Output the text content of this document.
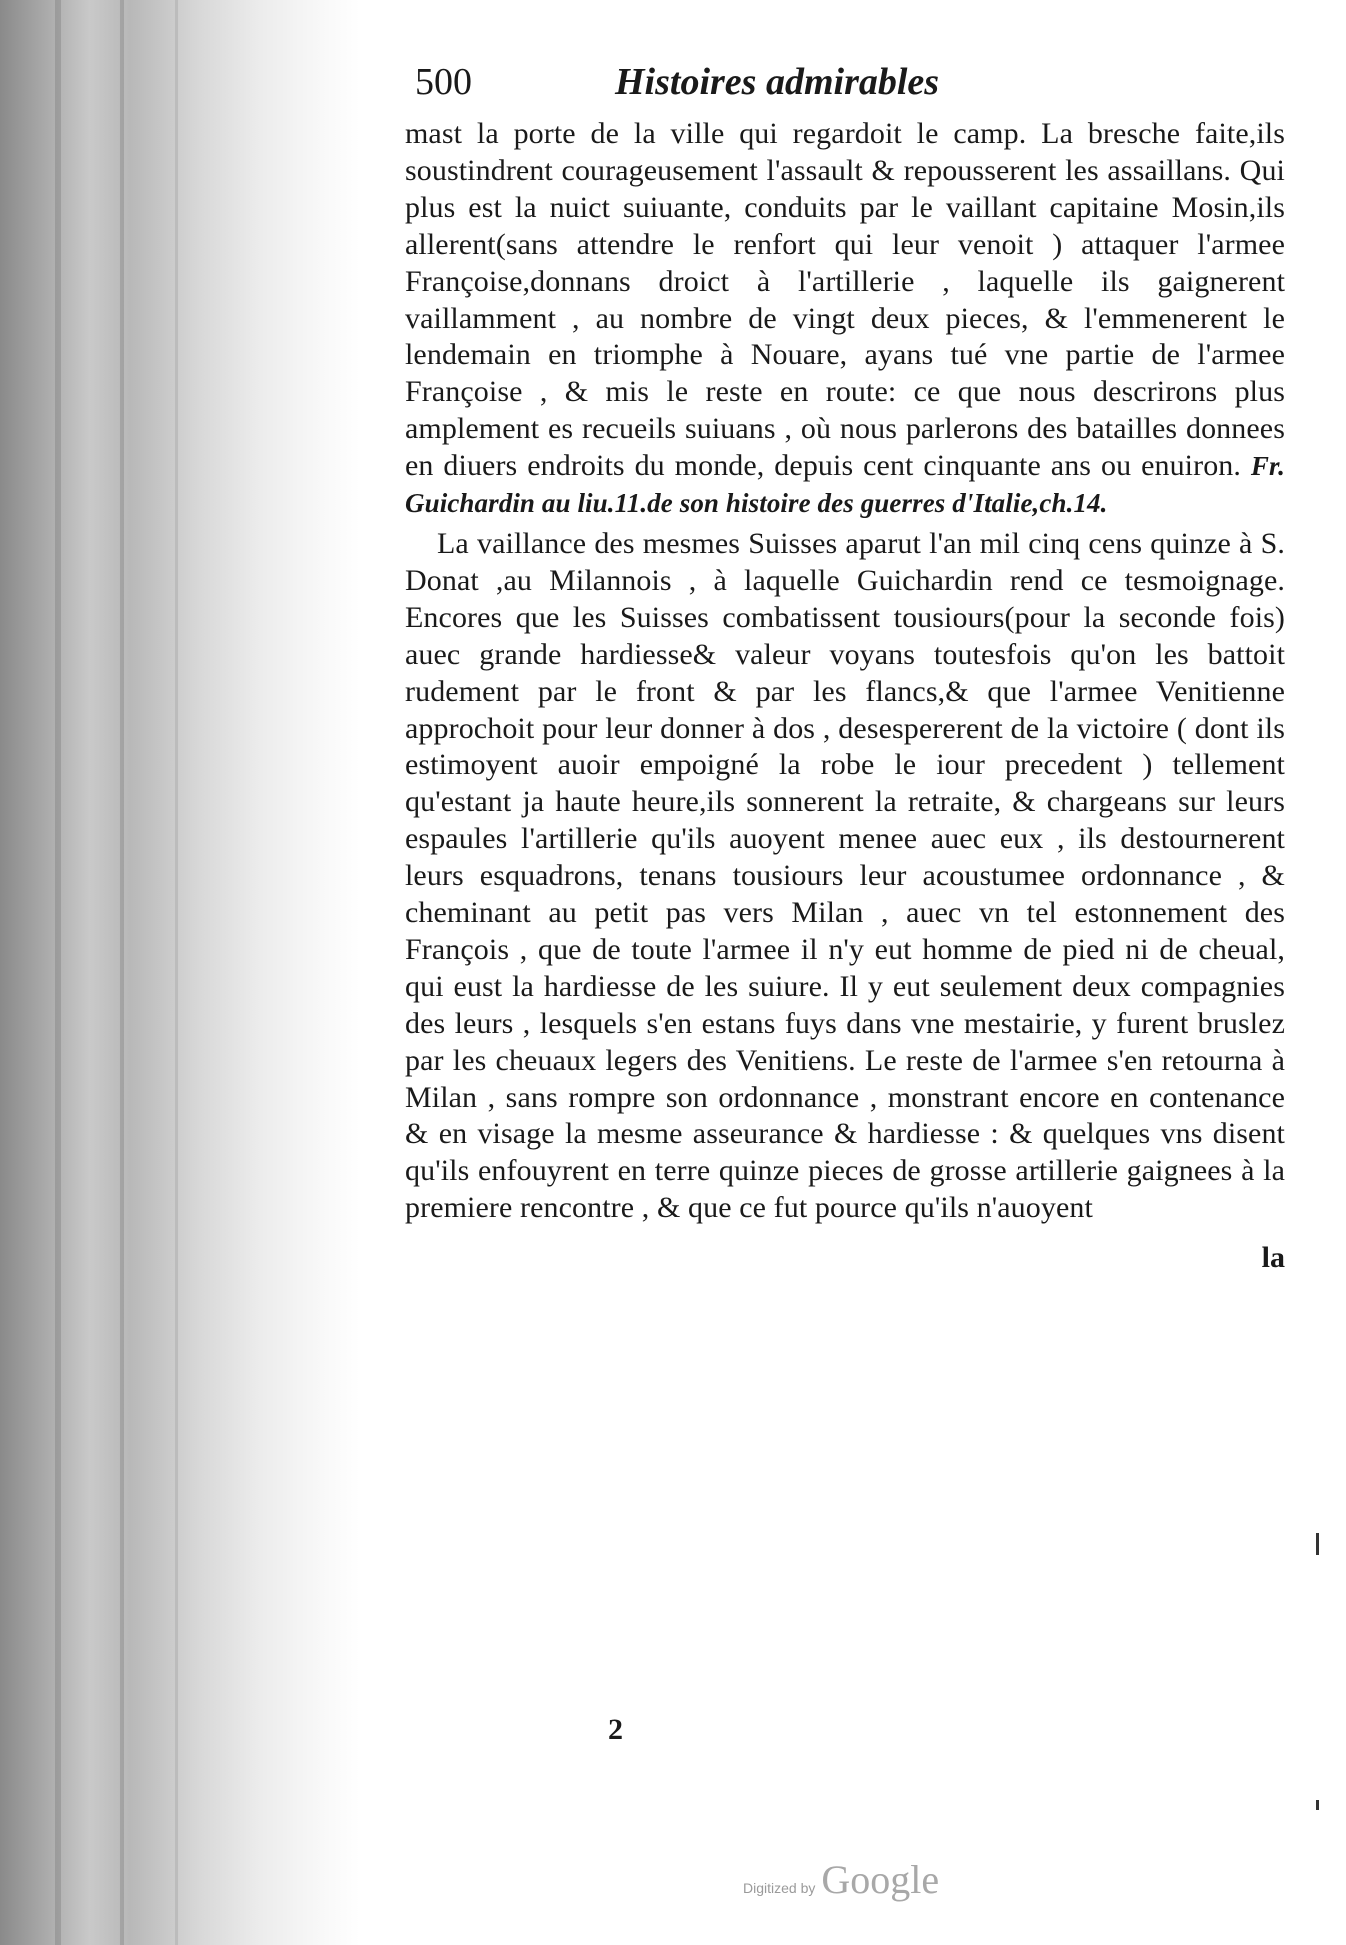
500	Histoires admirables

mast la porte de la ville qui regardoit le camp. La bresche faite,ils soustindrent courageusement l'assault & repousserent les assaillans. Qui plus est la nuict suiuante, conduits par le vaillant capitaine Mosin,ils allerent(sans attendre le renfort qui leur venoit ) attaquer l'armee Françoise,donnans droict à l'artillerie , laquelle ils gaignerent vaillamment , au nombre de vingt deux pieces, & l'emmenerent le lendemain en triomphe à Nouare, ayans tué vne partie de l'armee Françoise , & mis le reste en route: ce que nous descrirons plus amplement es recueils suiuans , où nous parlerons des batailles donnees en diuers endroits du monde, depuis cent cinquante ans ou enuiron. Fr. Guichardin au liu.11.de son histoire des guerres d'Italie,ch.14.

La vaillance des mesmes Suisses aparut l'an mil cinq cens quinze à S. Donat ,au Milannois , à laquelle Guichardin rend ce tesmoignage. Encores que les Suisses combatissent tousiours(pour la seconde fois) auec grande hardiesse& valeur voyans toutesfois qu'on les battoit rudement par le front & par les flancs,& que l'armee Venitienne approchoit pour leur donner à dos , desespererent de la victoire ( dont ils estimoyent auoir empoigné la robe le iour precedent ) tellement qu'estant ja haute heure,ils sonnerent la retraite, & chargeans sur leurs espaules l'artillerie qu'ils auoyent menee auec eux , ils destournerent leurs esquadrons, tenans tousiours leur acoustumee ordonnance , & cheminant au petit pas vers Milan , auec vn tel estonnement des François , que de toute l'armee il n'y eut homme de pied ni de cheual, qui eust la hardiesse de les suiure. Il y eut seulement deux compagnies des leurs , lesquels s'en estans fuys dans vne mestairie, y furent bruslez par les cheuaux legers des Venitiens. Le reste de l'armee s'en retourna à Milan , sans rompre son ordonnance , monstrant encore en contenance & en visage la mesme asseurance & hardiesse : & quelques vns disent qu'ils enfouyrent en terre quinze pieces de grosse artillerie gaignees à la premiere rencontre , & que ce fut pource qu'ils n'auoyent

la
2
Digitized by Google
